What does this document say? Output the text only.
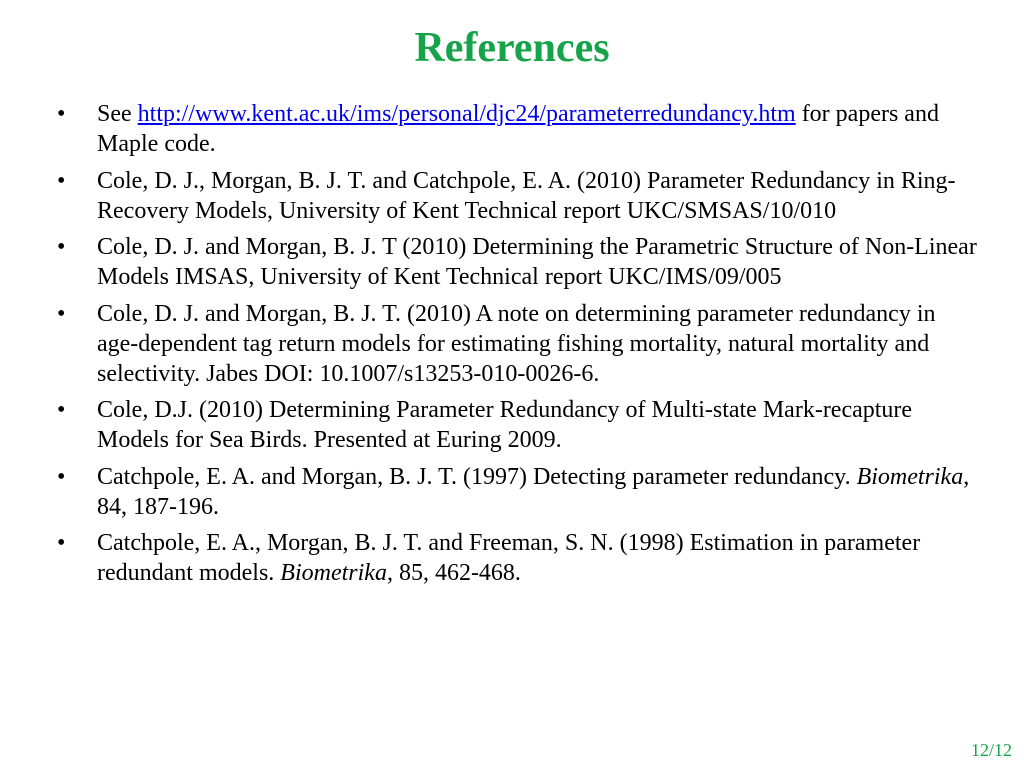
References
• See http://www.kent.ac.uk/ims/personal/djc24/parameterredundancy.htm for papers and Maple code.
• Cole, D. J., Morgan, B. J. T. and Catchpole, E. A. (2010) Parameter Redundancy in Ring-Recovery Models, University of Kent Technical report UKC/SMSAS/10/010
• Cole, D. J. and Morgan, B. J. T (2010) Determining the Parametric Structure of Non-Linear Models IMSAS, University of Kent Technical report UKC/IMS/09/005
• Cole, D. J. and Morgan, B. J. T. (2010) A note on determining parameter redundancy in age-dependent tag return models for estimating fishing mortality, natural mortality and selectivity. Jabes DOI: 10.1007/s13253-010-0026-6.
• Cole, D.J. (2010) Determining Parameter Redundancy of Multi-state Mark-recapture Models for Sea Birds. Presented at Euring 2009.
• Catchpole, E. A. and Morgan, B. J. T. (1997) Detecting parameter redundancy. Biometrika, 84, 187-196.
• Catchpole, E. A., Morgan, B. J. T. and Freeman, S. N. (1998) Estimation in parameter redundant models. Biometrika, 85, 462-468.
12/12
